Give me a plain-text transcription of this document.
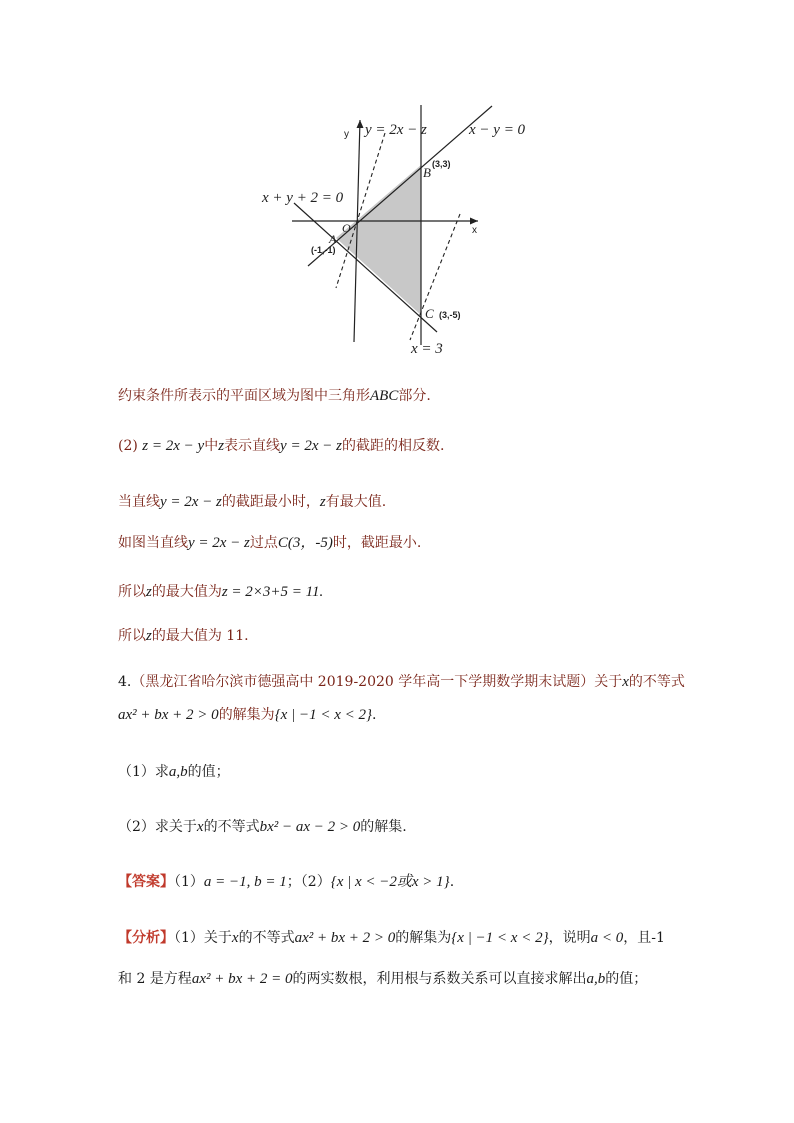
y
x
O
y = 2x − z	x − y = 0
x + y + 2 = 0
x = 3
A
(-1,-1)
B
(3,3)
C (3,-5)
约束条件所表示的平面区域为图中三角形ABC部分.
(2) z = 2x − y中z表示直线y = 2x − z的截距的相反数.
当直线y = 2x − z的截距最小时，z有最大值.
如图当直线y = 2x − z过点C(3，-5)时，截距最小.
所以z的最大值为z = 2×3+5 = 11.
所以z的最大值为 11.
4.（黑龙江省哈尔滨市德强高中 2019-2020 学年高一下学期数学期末试题）关于x的不等式
ax² + bx + 2 > 0的解集为{x | −1 < x < 2}.
（1）求a,b的值；
（2）求关于x的不等式bx² − ax − 2 > 0的解集.
【答案】（1）a = −1, b = 1；（2）{x | x < −2或x > 1}.
【分析】（1）关于x的不等式ax² + bx + 2 > 0的解集为{x | −1 < x < 2}，说明a < 0，且-1
和 2 是方程ax² + bx + 2 = 0的两实数根，利用根与系数关系可以直接求解出a,b的值；
